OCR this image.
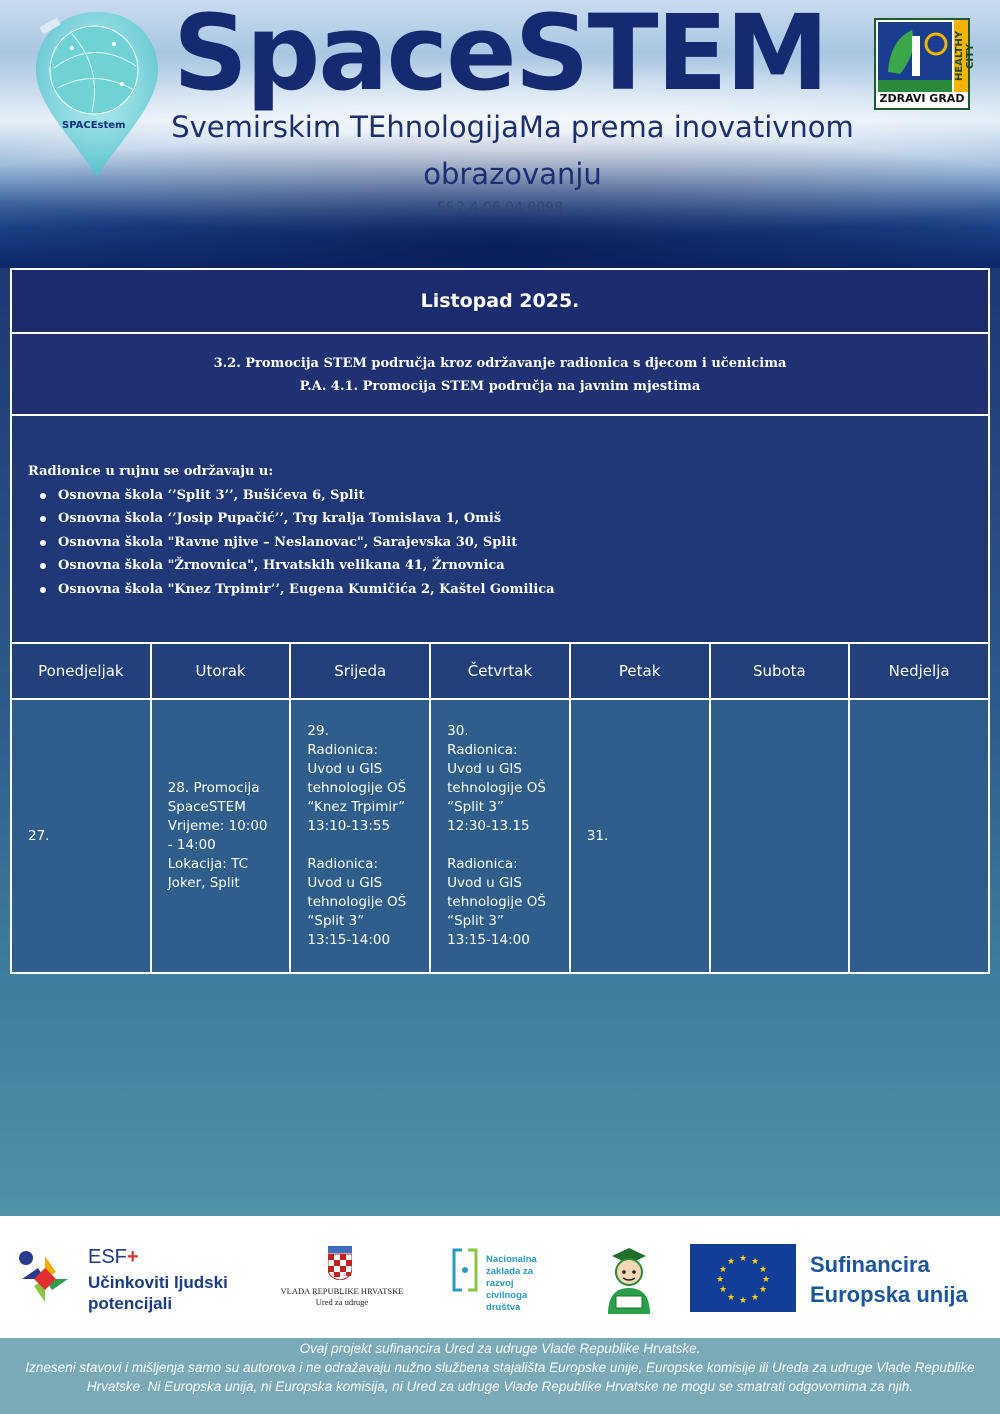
SPACEstem
SpaceSTEM
Svemirskim TEhnologijaMa prema inovativnom obrazovanju
SF.2.4.06.04.0098
HEALTHY CITY
ZDRAVI GRAD
Listopad 2025.
3.2. Promocija STEM područja kroz održavanje radionica s djecom i učenicima
P.A. 4.1. Promocija STEM područja na javnim mjestima
Radionice u rujnu se održavaju u:
Osnovna škola ‘’Split 3’’, Bušićeva 6, Split
Osnovna škola ‘’Josip Pupačić’’, Trg kralja Tomislava 1, Omiš
Osnovna škola "Ravne njive – Neslanovac", Sarajevska 30, Split
Osnovna škola "Žrnovnica", Hrvatskih velikana 41, Žrnovnica
Osnovna škola "Knez Trpimir’’, Eugena Kumičića 2, Kaštel Gomilica
Ponedjeljak	Utorak	Srijeda	Četvrtak	Petak	Subota	Nedjelja

27.	28. Promocija SpaceSTEM
Vrijeme: 10:00 - 14:00
Lokacija: TC Joker, Split	29.
Radionica: Uvod u GIS tehnologije OŠ “Knez Trpimir”
13:10-13:55

Radionica: Uvod u GIS tehnologije OŠ “Split 3”
13:15-14:00	30.
Radionica: Uvod u GIS tehnologije OŠ “Split 3”
12:30-13.15

Radionica: Uvod u GIS tehnologije OŠ “Split 3”
13:15-14:00	31.		

ESF+
Učinkoviti ljudski potencijali
VLADA REPUBLIKE HRVATSKE
Ured za udruge
Nacionalna zaklada za razvoj civilnoga društva
★ ★
★
★
★
★
★
★
★
★
★
★	Sufinancira Europska unija
Ovaj projekt sufinancira Ured za udruge Vlade Republike Hrvatske.
Izneseni stavovi i mišljenja samo su autorova i ne odražavaju nužno službena stajališta Europske unije, Europske komisije ili Ureda za udruge Vlade Republike Hrvatske. Ni Europska unija, ni Europska komisija, ni Ured za udruge Vlade Republike Hrvatske ne mogu se smatrati odgovornima za njih.
